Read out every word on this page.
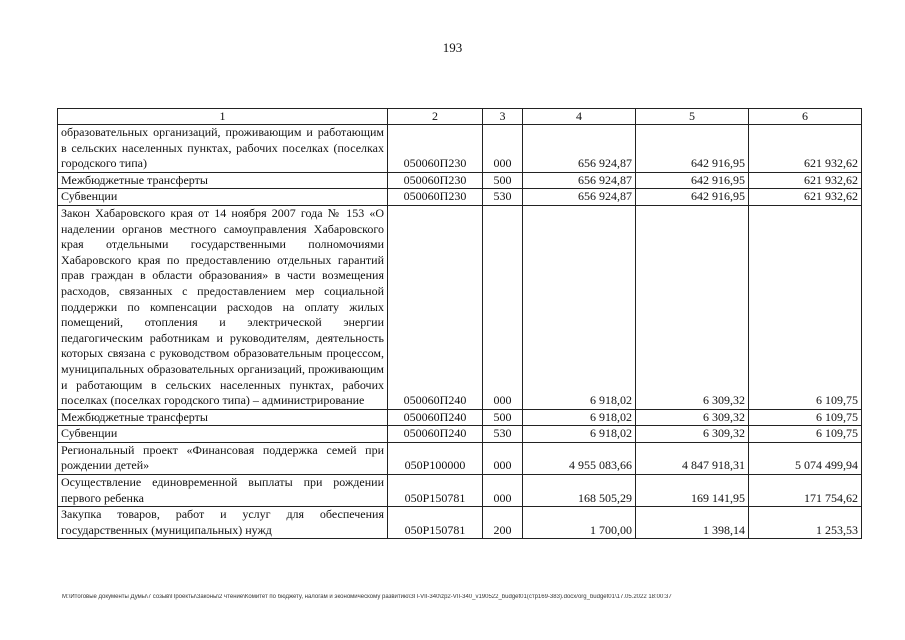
193
1	2	3	4	5	6
образовательных организаций, проживающим и работающим в сельских населенных пунктах, рабочих поселках (поселках городского типа)	050060П230	000	656 924,87	642 916,95	621 932,62
Межбюджетные трансферты	050060П230	500	656 924,87	642 916,95	621 932,62
Субвенции	050060П230	530	656 924,87	642 916,95	621 932,62
Закон Хабаровского края от 14 ноября 2007 года № 153 «О наделении органов местного самоуправления Хабаровского края отдельными государственными полномочиями Хабаровского края по предоставлению отдельных гарантий прав граждан в области образования» в части возмещения расходов, связанных с предоставлением мер социальной поддержки по компенсации расходов на оплату жилых помещений, отопления и электрической энергии педагогическим работникам и руководителям, деятельность которых связана с руководством образовательным процессом, муниципальных образовательных организаций, проживающим и работающим в сельских населенных пунктах, рабочих поселках (поселках городского типа) – администрирование	050060П240	000	6 918,02	6 309,32	6 109,75
Межбюджетные трансферты	050060П240	500	6 918,02	6 309,32	6 109,75
Субвенции	050060П240	530	6 918,02	6 309,32	6 109,75
Региональный проект «Финансовая поддержка семей при рождении детей»	050Р100000	000	4 955 083,66	4 847 918,31	5 074 499,94
Осуществление единовременной выплаты при рождении первого ребенка	050Р150781	000	168 505,29	169 141,95	171 754,62
Закупка товаров, работ и услуг для обеспечения государственных (муниципальных) нужд	050Р150781	200	1 700,00	1 398,14	1 253,53
M:\Итоговые документы Думы\7 созыв\Проекты\Законы\2 чтение\Комитет по бюджету, налогам и экономическому развитию\ЗП-VII-340\zp2-VII-340_v190522_budget01(стр169-383).docx/org_budget01\17.05.2022 18:00:37
